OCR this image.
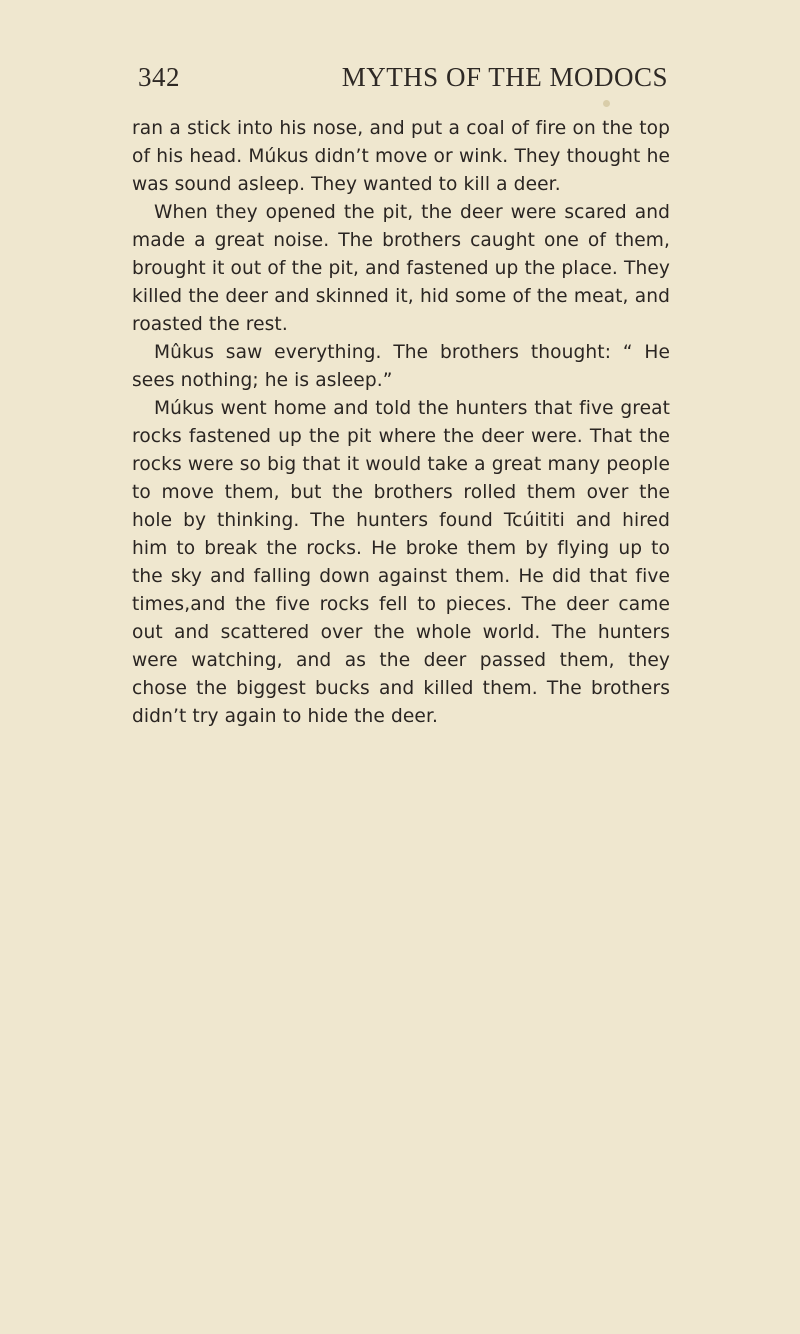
342	MYTHS OF THE MODOCS

ran a stick into his nose, and put a coal of fire on the top of his head. Múkus didn’t move or wink. They thought he was sound asleep. They wanted to kill a deer.

When they opened the pit, the deer were scared and made a great noise. The brothers caught one of them, brought it out of the pit, and fastened up the place. They killed the deer and skinned it, hid some of the meat, and roasted the rest.

Mûkus saw everything. The brothers thought: “ He sees nothing; he is asleep.”

Múkus went home and told the hunters that five great rocks fastened up the pit where the deer were. That the rocks were so big that it would take a great many people to move them, but the brothers rolled them over the hole by thinking. The hunters found Tcúititi and hired him to break the rocks. He broke them by flying up to the sky and falling down against them. He did that five times,and the five rocks fell to pieces. The deer came out and scattered over the whole world. The hunters were watching, and as the deer passed them, they chose the biggest bucks and killed them. The brothers didn’t try again to hide the deer.
